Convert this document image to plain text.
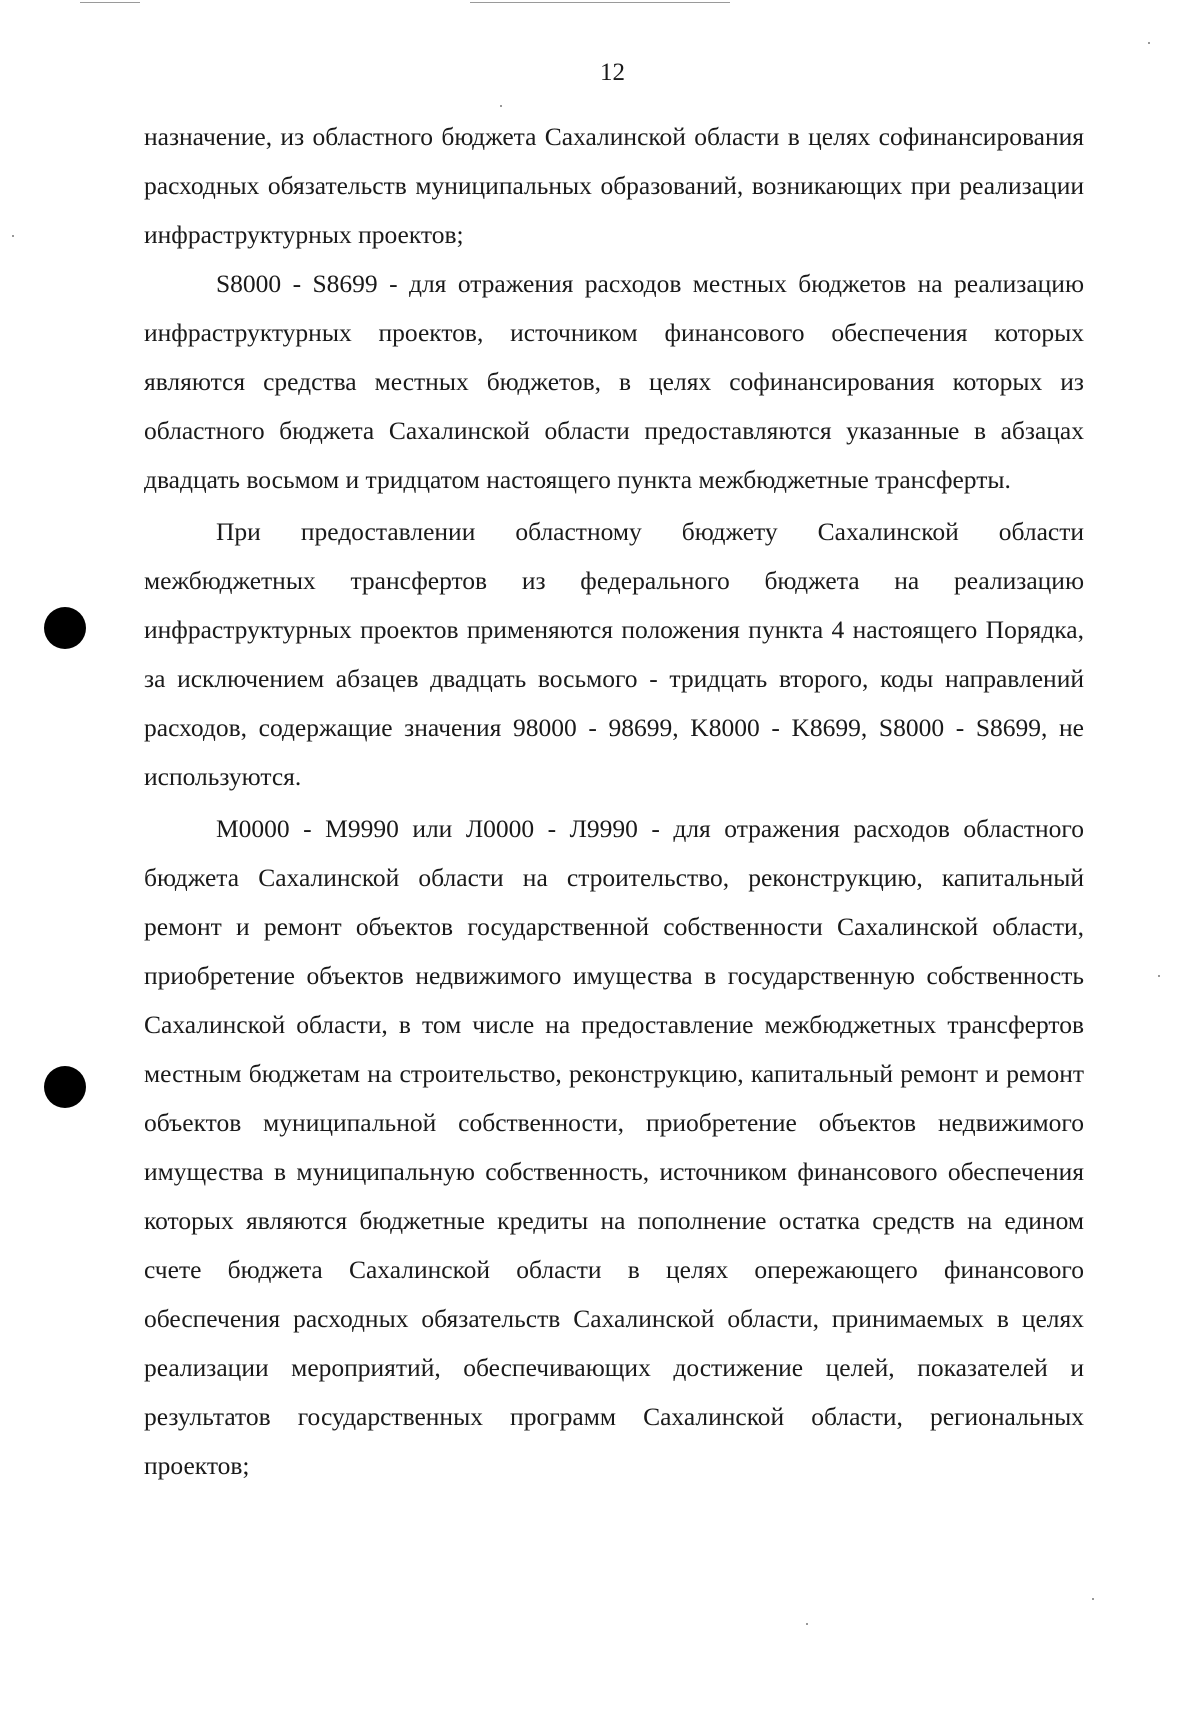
12

назначение, из областного бюджета Сахалинской области в целях софинансирования расходных обязательств муниципальных образований, возникающих при реализации инфраструктурных проектов;

S8000 - S8699 - для отражения расходов местных бюджетов на реализацию инфраструктурных проектов, источником финансового обеспечения которых являются средства местных бюджетов, в целях софинансирования которых из областного бюджета Сахалинской области предоставляются указанные в абзацах двадцать восьмом и тридцатом настоящего пункта межбюджетные трансферты.

При предоставлении областному бюджету Сахалинской области межбюджетных трансфертов из федерального бюджета на реализацию инфраструктурных проектов применяются положения пункта 4 настоящего Порядка, за исключением абзацев двадцать восьмого - тридцать второго, коды направлений расходов, содержащие значения 98000 - 98699, K8000 - K8699, S8000 - S8699, не используются.

M0000 - M9990 или Л0000 - Л9990 - для отражения расходов областного бюджета Сахалинской области на строительство, реконструкцию, капитальный ремонт и ремонт объектов государственной собственности Сахалинской области, приобретение объектов недвижимого имущества в государственную собственность Сахалинской области, в том числе на предоставление межбюджетных трансфертов местным бюджетам на строительство, реконструкцию, капитальный ремонт и ремонт объектов муниципальной собственности, приобретение объектов недвижимого имущества в муниципальную собственность, источником финансового обеспечения которых являются бюджетные кредиты на пополнение остатка средств на едином счете бюджета Сахалинской области в целях опережающего финансового обеспечения расходных обязательств Сахалинской области, принимаемых в целях реализации мероприятий, обеспечивающих достижение целей, показателей и результатов государственных программ Сахалинской области, региональных проектов;
